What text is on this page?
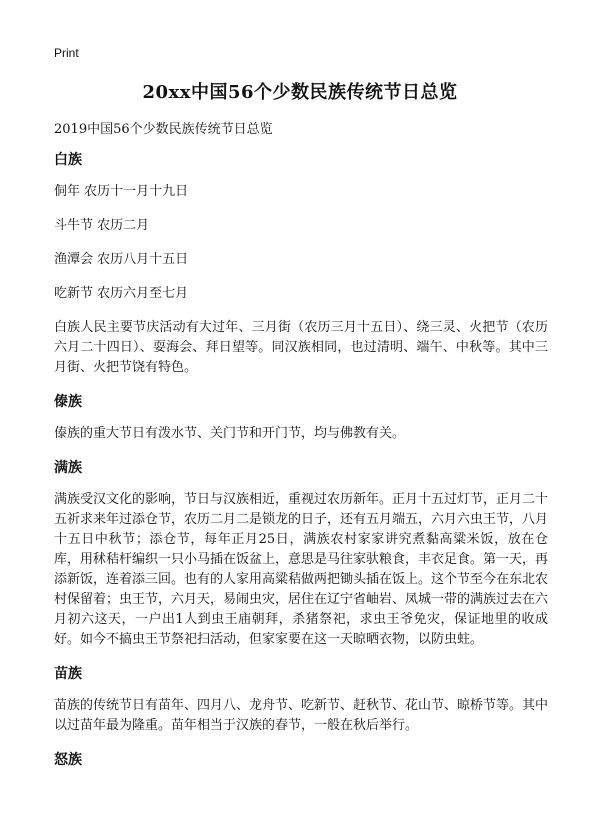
Print
20xx中国56个少数民族传统节日总览

2019中国56个少数民族传统节日总览

白族

侗年 农历十一月十九日

斗牛节 农历二月

渔潭会 农历八月十五日

吃新节 农历六月至七月

白族人民主要节庆活动有大过年、三月街（农历三月十五日）、绕三灵、火把节（农历六月二十四日）、耍海会、拜日望等。同汉族相同，也过清明、端午、中秋等。其中三月街、火把节饶有特色。

傣族

傣族的重大节日有泼水节、关门节和开门节，均与佛教有关。

满族

满族受汉文化的影响，节日与汉族相近，重视过农历新年。正月十五过灯节，正月二十五祈求来年过添仓节，农历二月二是锁龙的日子，还有五月端五，六月六虫王节，八月十五日中秋节；添仓节，每年正月25日，满族农村家家讲究煮黏高粱米饭，放在仓库，用秫秸杆编织一只小马插在饭盆上，意思是马往家驮粮食，丰衣足食。第一天，再添新饭，连着添三回。也有的人家用高粱秸做两把锄头插在饭上。这个节至今在东北农村保留着；虫王节，六月天，易闹虫灾，居住在辽宁省岫岩、凤城一带的满族过去在六月初六这天，一户出1人到虫王庙朝拜，杀猪祭祀，求虫王爷免灾，保证地里的收成好。如今不搞虫王节祭祀扫活动，但家家要在这一天晾晒衣物，以防虫蛀。

苗族

苗族的传统节日有苗年、四月八、龙舟节、吃新节、赶秋节、花山节、晾桥节等。其中以过苗年最为隆重。苗年相当于汉族的春节，一般在秋后举行。

怒族
